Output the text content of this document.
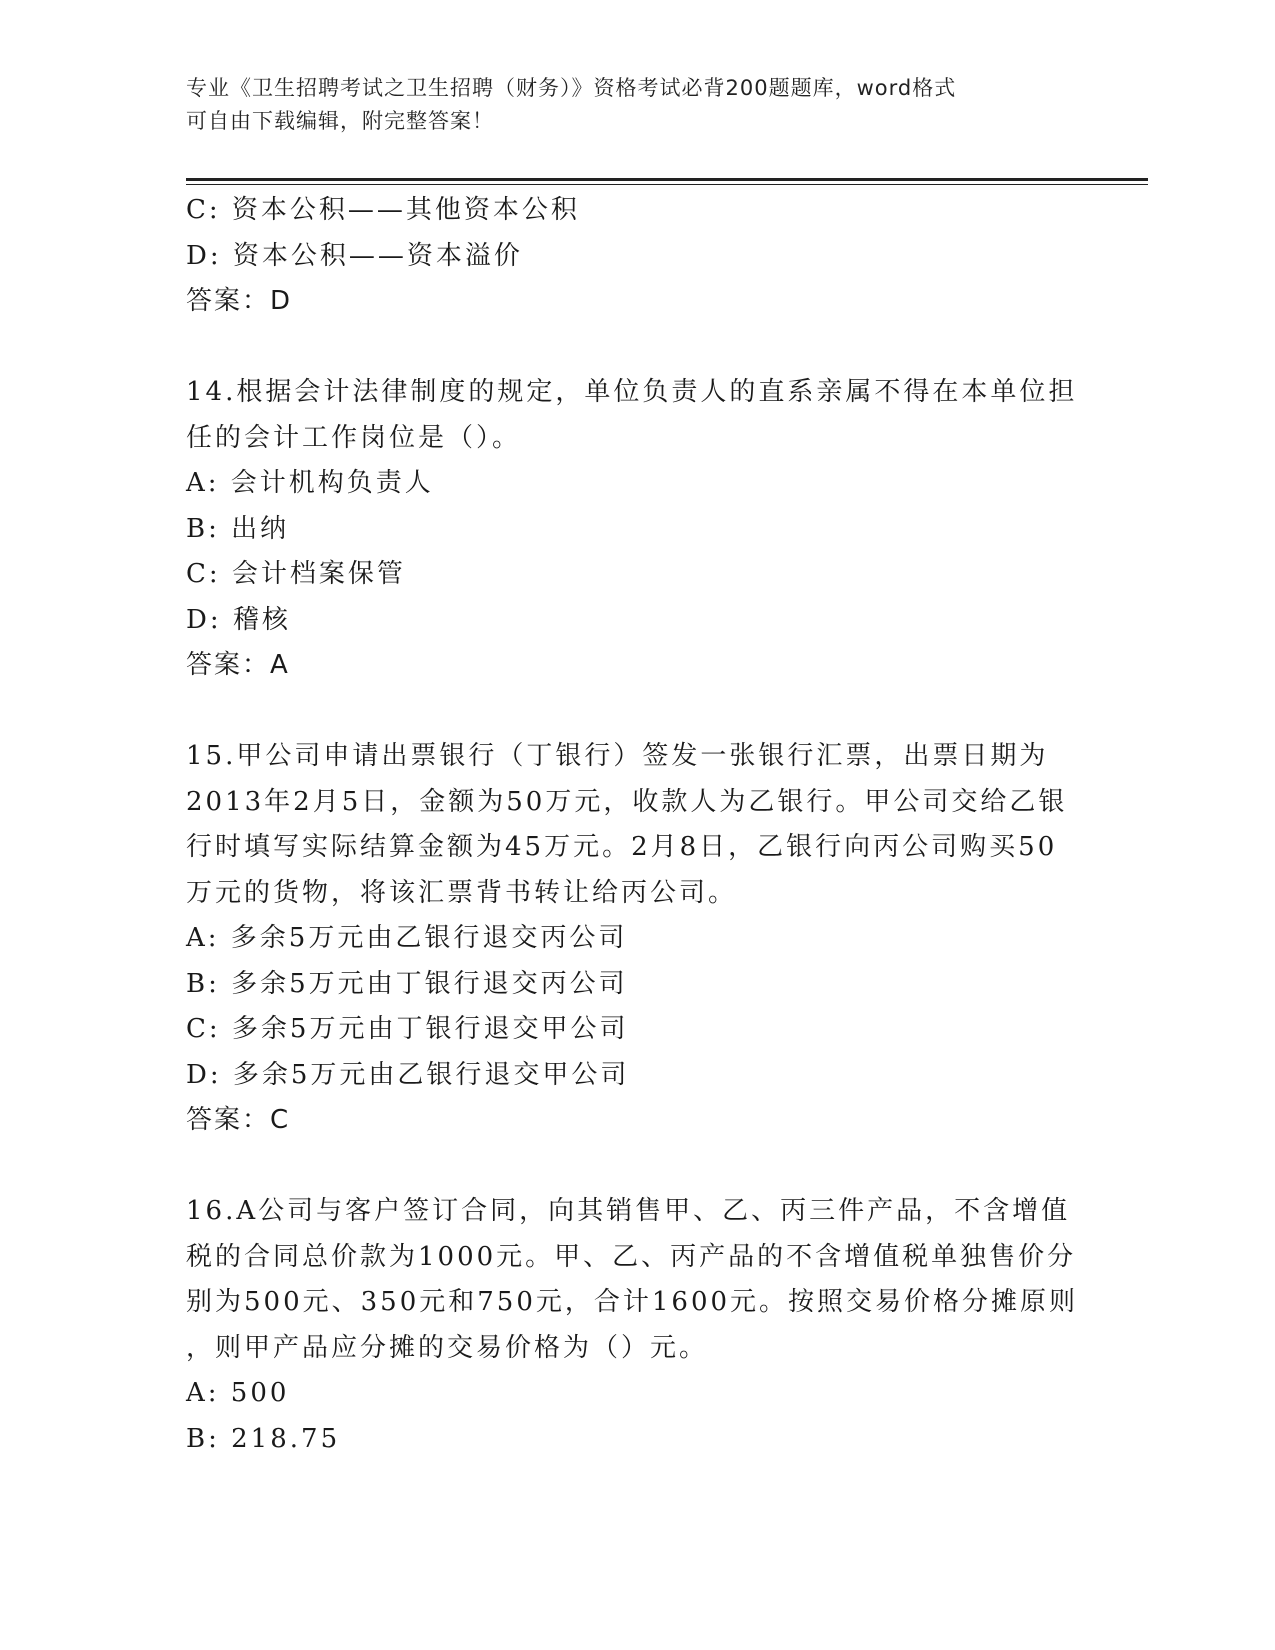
专业《卫生招聘考试之卫生招聘（财务）》资格考试必背200题题库，word格式
可自由下载编辑，附完整答案！
C: 资本公积——其他资本公积
D: 资本公积——资本溢价
答案：D
14.根据会计法律制度的规定，单位负责人的直系亲属不得在本单位担
任的会计工作岗位是（）。
A: 会计机构负责人
B: 出纳
C: 会计档案保管
D: 稽核
答案：A
15.甲公司申请出票银行（丁银行）签发一张银行汇票，出票日期为
2013年2月5日，金额为50万元，收款人为乙银行。甲公司交给乙银
行时填写实际结算金额为45万元。2月8日，乙银行向丙公司购买50
万元的货物，将该汇票背书转让给丙公司。
A: 多余5万元由乙银行退交丙公司
B: 多余5万元由丁银行退交丙公司
C: 多余5万元由丁银行退交甲公司
D: 多余5万元由乙银行退交甲公司
答案：C
16.A公司与客户签订合同，向其销售甲、乙、丙三件产品，不含增值
税的合同总价款为1000元。甲、乙、丙产品的不含增值税单独售价分
别为500元、350元和750元，合计1600元。按照交易价格分摊原则
，则甲产品应分摊的交易价格为（）元。
A: 500
B: 218.75
